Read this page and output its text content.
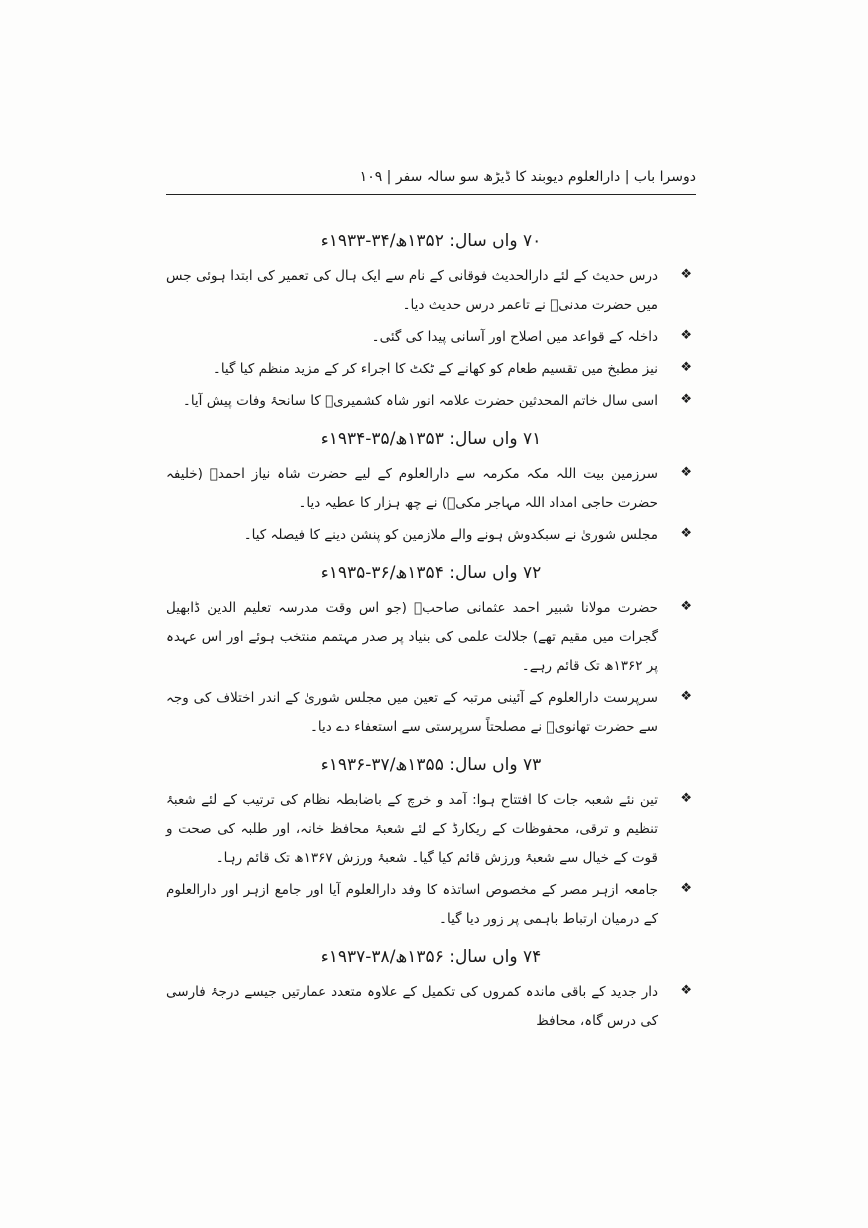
دوسرا باب | دارالعلوم دیوبند کا ڈیڑھ سو سالہ سفر | ۱۰۹
۷۰ واں سال: ۱۳۵۲ھ/۳۴-۱۹۳۳ء
❖
درس حدیث کے لئے دارالحدیث فوقانی کے نام سے ایک ہال کی تعمیر کی ابتدا ہوئی جس میں حضرت مدنیؒ نے تاعمر درس حدیث دیا۔
❖
داخلہ کے قواعد میں اصلاح اور آسانی پیدا کی گئی۔
❖
نیز مطبخ میں تقسیم طعام کو کھانے کے ٹکٹ کا اجراء کر کے مزید منظم کیا گیا۔
❖
اسی سال خاتم المحدثین حضرت علامہ انور شاہ کشمیریؒ کا سانحۂ وفات پیش آیا۔
۷۱ واں سال: ۱۳۵۳ھ/۳۵-۱۹۳۴ء
❖
سرزمین بیت اللہ مکہ مکرمہ سے دارالعلوم کے لیے حضرت شاہ نیاز احمدؒ (خلیفہ حضرت حاجی امداد اللہ مہاجر مکیؒ) نے چھ ہزار کا عطیہ دیا۔
❖
مجلس شوریٰ نے سبکدوش ہونے والے ملازمین کو پنشن دینے کا فیصلہ کیا۔
۷۲ واں سال: ۱۳۵۴ھ/۳۶-۱۹۳۵ء
❖
حضرت مولانا شبیر احمد عثمانی صاحبؒ (جو اس وقت مدرسہ تعلیم الدین ڈابھیل گجرات میں مقیم تھے) جلالت علمی کی بنیاد پر صدر مہتمم منتخب ہوئے اور اس عہدہ پر ۱۳۶۲ھ تک قائم رہے۔
❖
سرپرست دارالعلوم کے آئینی مرتبہ کے تعین میں مجلس شوریٰ کے اندر اختلاف کی وجہ سے حضرت تھانویؒ نے مصلحتاً سرپرستی سے استعفاء دے دیا۔
۷۳ واں سال: ۱۳۵۵ھ/۳۷-۱۹۳۶ء
❖
تین نئے شعبہ جات کا افتتاح ہوا: آمد و خرچ کے باضابطہ نظام کی ترتیب کے لئے شعبۂ تنظیم و ترقی، محفوظات کے ریکارڈ کے لئے شعبۂ محافظ خانہ، اور طلبہ کی صحت و قوت کے خیال سے شعبۂ ورزش قائم کیا گیا۔ شعبۂ ورزش ۱۳۶۷ھ تک قائم رہا۔
❖
جامعہ ازہر مصر کے مخصوص اساتذہ کا وفد دارالعلوم آیا اور جامع ازہر اور دارالعلوم کے درمیان ارتباط باہمی پر زور دیا گیا۔
۷۴ واں سال: ۱۳۵۶ھ/۳۸-۱۹۳۷ء
❖
دار جدید کے باقی ماندہ کمروں کی تکمیل کے علاوہ متعدد عمارتیں جیسے درجۂ فارسی کی درس گاہ، محافظ
